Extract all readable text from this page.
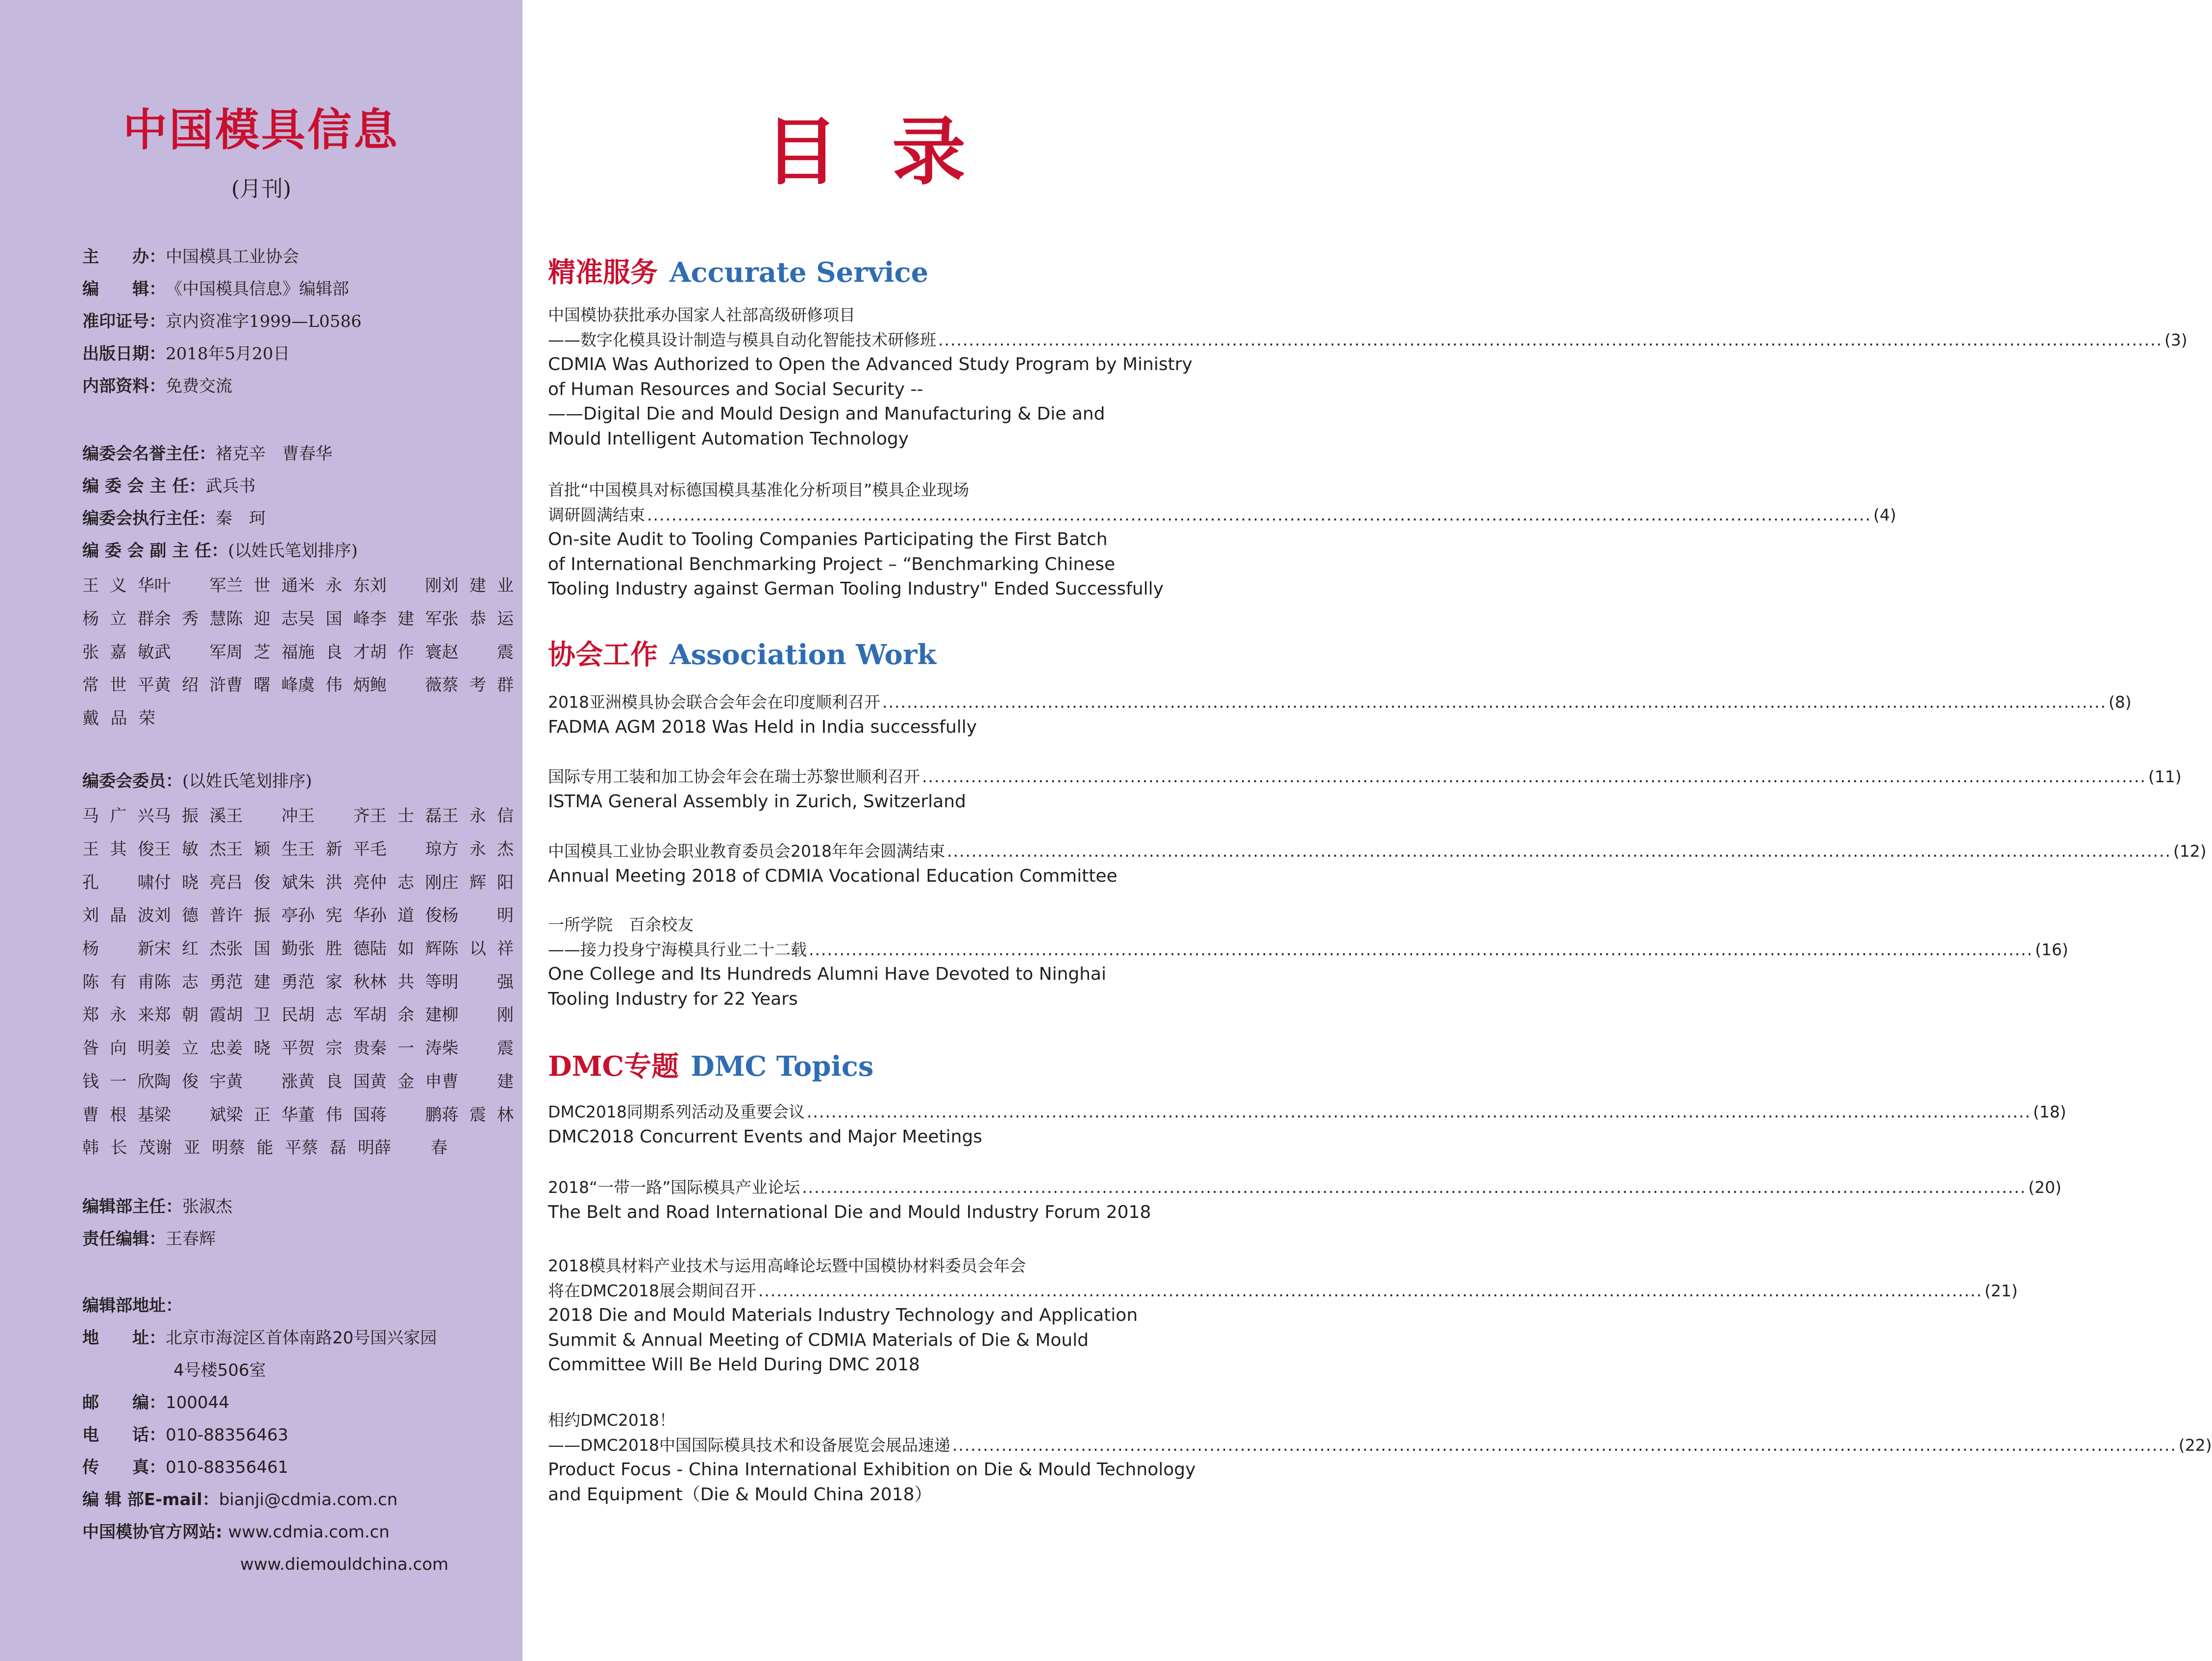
中国模具信息
(月刊)
主　　办：中国模具工业协会
编　　辑：《中国模具信息》编辑部
准印证号：京内资准字1999—L0586
出版日期：2018年5月20日
内部资料：免费交流
编委会名誉主任：褚克辛　曹春华
编 委 会 主 任：武兵书
编委会执行主任：秦　珂
编 委 会 副 主 任：(以姓氏笔划排序)
王义华 叶　军 兰世通 米永东 刘　刚 刘建业
杨立群 余秀慧 陈迎志 吴国峰 李建军 张恭运
张嘉敏 武　军 周芝福 施良才 胡作寰 赵　震
常世平 黄绍浒 曹曙峰 虞伟炳 鲍　薇 蔡考群
戴品荣
编委会委员：(以姓氏笔划排序)
马广兴 马振溪 王　冲 王　齐 王士磊 王永信
王其俊 王敏杰 王颖生 王新平 毛　琼 方永杰
孔　啸 付晓亮 吕俊斌 朱洪亮 仲志刚 庄辉阳
刘晶波 刘德普 许振亭 孙宪华 孙道俊 杨　明
杨　新 宋红杰 张国勤 张胜德 陆如辉 陈以祥
陈有甫 陈志勇 范建勇 范家秋 林共等 明　强
郑永来 郑朝霞 胡卫民 胡志军 胡余建 柳　刚
昝向明 姜立忠 姜晓平 贺宗贵 秦一涛 柴　震
钱一欣 陶俊宇 黄　涨 黄良国 黄金申 曹　建
曹根基 梁　斌 梁正华 董伟国 蒋　鹏 蒋震林
韩长茂 谢亚明 蔡能平 蔡磊明 薛　春
编辑部主任：张淑杰
责任编辑：王春辉
编辑部地址：
地　　址：北京市海淀区首体南路20号国兴家园
4号楼506室
邮　　编：100044
电　　话：010-88356463
传　　真：010-88356461
编 辑 部E-mail：bianji@cdmia.com.cn
中国模协官方网站: www.cdmia.com.cn
www.diemouldchina.com
目录
精准服务 Accurate Service
中国模协获批承办国家人社部高级研修项目
——数字化模具设计制造与模具自动化智能技术研修班 ........................................................................................................................................................................................................ (3)
CDMIA Was Authorized to Open the Advanced Study Program by Ministry
of Human Resources and Social Security --
——Digital Die and Mould Design and Manufacturing & Die and
Mould Intelligent Automation Technology
首批“中国模具对标德国模具基准化分析项目”模具企业现场
调研圆满结束 ........................................................................................................................................................................................................ (4)
On-site Audit to Tooling Companies Participating the First Batch
of International Benchmarking Project – “Benchmarking Chinese
Tooling Industry against German Tooling Industry" Ended Successfully
协会工作 Association Work
2018亚洲模具协会联合会年会在印度顺利召开 ........................................................................................................................................................................................................ (8)
FADMA AGM 2018 Was Held in India successfully
国际专用工装和加工协会年会在瑞士苏黎世顺利召开 ........................................................................................................................................................................................................ (11)
ISTMA General Assembly in Zurich, Switzerland
中国模具工业协会职业教育委员会2018年年会圆满结束 ........................................................................................................................................................................................................ (12)
Annual Meeting 2018 of CDMIA Vocational Education Committee
一所学院　百余校友
——接力投身宁海模具行业二十二载 ........................................................................................................................................................................................................ (16)
One College and Its Hundreds Alumni Have Devoted to Ninghai
Tooling Industry for 22 Years
DMC专题 DMC Topics
DMC2018同期系列活动及重要会议 ........................................................................................................................................................................................................ (18)
DMC2018 Concurrent Events and Major Meetings
2018“一带一路”国际模具产业论坛 ........................................................................................................................................................................................................ (20)
The Belt and Road International Die and Mould Industry Forum 2018
2018模具材料产业技术与运用高峰论坛暨中国模协材料委员会年会
将在DMC2018展会期间召开 ........................................................................................................................................................................................................ (21)
2018 Die and Mould Materials Industry Technology and Application
Summit & Annual Meeting of CDMIA Materials of Die & Mould
Committee Will Be Held During DMC 2018
相约DMC2018！
——DMC2018中国国际模具技术和设备展览会展品速递 ........................................................................................................................................................................................................ (22)
Product Focus - China International Exhibition on Die & Mould Technology
and Equipment（Die & Mould China 2018）
